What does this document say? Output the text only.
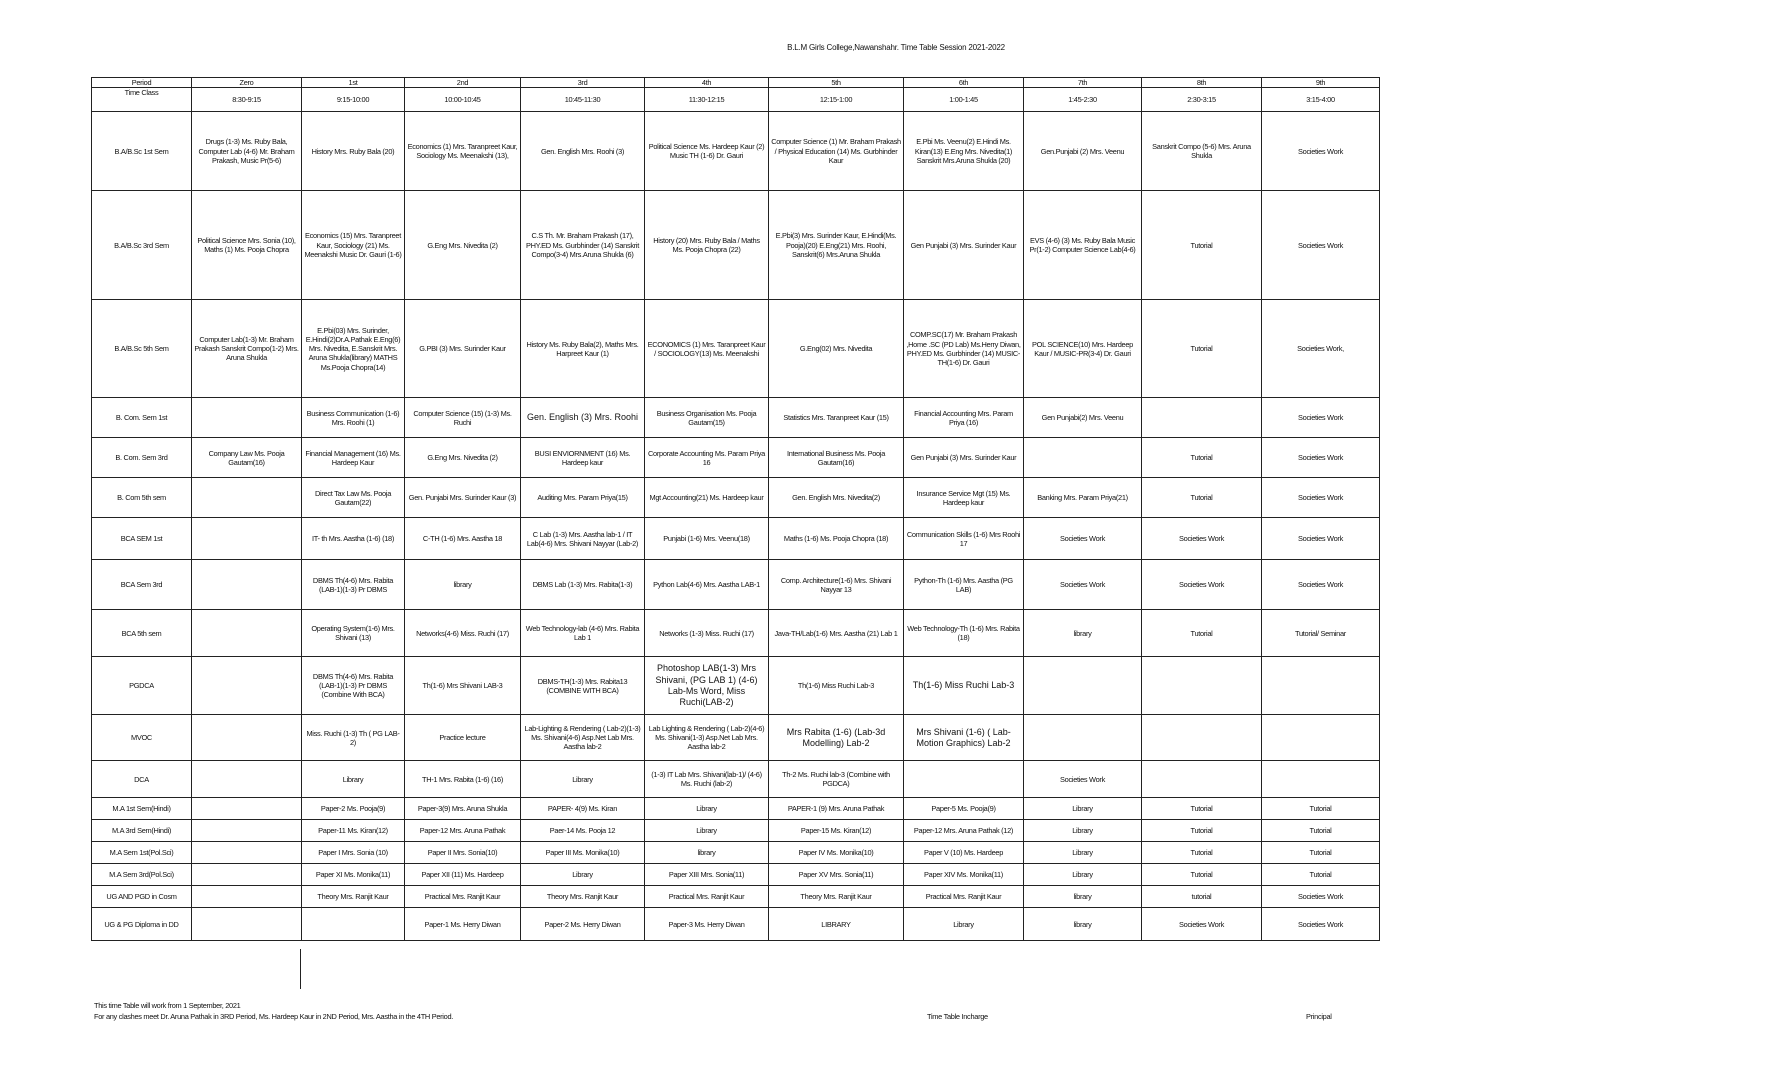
B.L.M Girls College,Nawanshahr. Time Table Session 2021-2022
Period	Zero	1st	2nd	3rd	4th	5th	6th	7th	8th	9th
Time Class	8:30-9:15	9:15-10:00	10:00-10:45	10:45-11:30	11:30-12:15	12:15-1:00	1:00-1:45	1:45-2:30	2:30-3:15	3:15-4:00
B.A/B.Sc 1st Sem	Drugs (1-3) Ms. Ruby Bala, Computer Lab (4-6) Mr. Braham Prakash, Music Pr(5-6)	History Mrs. Ruby Bala (20)	Economics (1) Mrs. Taranpreet Kaur, Sociology Ms. Meenakshi (13),	Gen. English Mrs. Roohi (3)	Political Science Ms. Hardeep Kaur (2) Music TH (1-6) Dr. Gauri	Computer Science (1) Mr. Braham Prakash / Physical Education (14) Ms. Gurbhinder Kaur	E.Pbi Ms. Veenu(2) E.Hindi Ms. Kiran(13) E.Eng Mrs. Nivedita(1) Sanskrit Mrs.Aruna Shukla (20)	Gen.Punjabi (2) Mrs. Veenu	Sanskrit Compo (5-6) Mrs. Aruna Shukla	Societies Work
B.A/B.Sc 3rd Sem	Political Science Mrs. Sonia (10), Maths (1) Ms. Pooja Chopra	Economics (15) Mrs. Taranpreet Kaur, Sociology (21) Ms. Meenakshi Music Dr. Gauri (1-6)	G.Eng Mrs. Nivedita (2)	C.S Th. Mr. Braham Prakash (17), PHY.ED Ms. Gurbhinder (14) Sanskrit Compo(3-4) Mrs.Aruna Shukla (6)	History (20) Mrs. Ruby Bala / Maths Ms. Pooja Chopra (22)	E.Pbi(3) Mrs. Surinder Kaur, E.Hindi(Ms. Pooja)(20) E.Eng(21) Mrs. Roohi, Sanskrit(6) Mrs.Aruna Shukla	Gen Punjabi (3) Mrs. Surinder Kaur	EVS (4-6) (3) Ms. Ruby Bala Music Pr(1-2) Computer Science Lab(4-6)	Tutorial	Societies Work
B.A/B.Sc 5th Sem	Computer Lab(1-3) Mr. Braham Prakash Sanskrit Compo(1-2) Mrs. Aruna Shukla	E.Pbi(03) Mrs. Surinder, E.Hindi(2)Dr.A.Pathak E.Eng(6) Mrs. Nivedita, E.Sanskrit Mrs. Aruna Shukla(library) MATHS Ms.Pooja Chopra(14)	G.PBI (3) Mrs. Surinder Kaur	History Ms. Ruby Bala(2), Maths Mrs. Harpreet Kaur (1)	ECONOMICS (1) Mrs. Taranpreet Kaur / SOCIOLOGY(13) Ms. Meenakshi	G.Eng(02) Mrs. Nivedita	COMP.SC(17) Mr. Braham Prakash ,Home .SC (PD Lab) Ms.Herry Diwan, PHY.ED Ms. Gurbhinder (14) MUSIC-TH(1-6) Dr. Gauri	POL SCIENCE(10) Mrs. Hardeep Kaur / MUSIC-PR(3-4) Dr. Gauri	Tutorial	Societies Work,
B. Com. Sem 1st		Business Communication (1-6) Mrs. Roohi (1)	Computer Science (15) (1-3) Ms. Ruchi	Gen. English (3) Mrs. Roohi	Business Organisation Ms. Pooja Gautam(15)	Statistics Mrs. Taranpreet Kaur (15)	Financial Accounting Mrs. Param Priya (16)	Gen Punjabi(2) Mrs. Veenu		Societies Work
B. Com. Sem 3rd	Company Law Ms. Pooja Gautam(16)	Financial Management (16) Ms. Hardeep Kaur	G.Eng Mrs. Nivedita (2)	BUSI ENVIORNMENT (16) Ms. Hardeep kaur	Corporate Accounting Ms. Param Priya 16	International Business Ms. Pooja Gautam(16)	Gen Punjabi (3) Mrs. Surinder Kaur		Tutorial	Societies Work
B. Com 5th sem		Direct Tax Law Ms. Pooja Gautam(22)	Gen. Punjabi Mrs. Surinder Kaur (3)	Auditing Mrs. Param Priya(15)	Mgt Accounting(21) Ms. Hardeep kaur	Gen. English Mrs. Nivedita(2)	Insurance Service Mgt (15) Ms. Hardeep kaur	Banking Mrs. Param Priya(21)	Tutorial	Societies Work
BCA SEM 1st		IT- th Mrs. Aastha (1-6) (18)	C-TH (1-6) Mrs. Aastha 18	C Lab (1-3) Mrs. Aastha lab-1 / IT Lab(4-6) Mrs. Shivani Nayyar (Lab-2)	Punjabi (1-6) Mrs. Veenu(18)	Maths (1-6) Ms. Pooja Chopra (18)	Communication Skills (1-6) Mrs Roohi 17	Societies Work	Societies Work	Societies Work
BCA Sem 3rd		DBMS Th(4-6) Mrs. Rabita (LAB-1)(1-3) Pr DBMS	library	DBMS Lab (1-3) Mrs. Rabita(1-3)	Python Lab(4-6) Mrs. Aastha LAB-1	Comp. Architecture(1-6) Mrs. Shivani Nayyar 13	Python-Th (1-6) Mrs. Aastha (PG LAB)	Societies Work	Societies Work	Societies Work
BCA 5th sem		Operating System(1-6) Mrs. Shivani (13)	Networks(4-6) Miss. Ruchi (17)	Web Technology-lab (4-6) Mrs. Rabita Lab 1	Networks (1-3) Miss. Ruchi (17)	Java-TH/Lab(1-6) Mrs. Aastha (21) Lab 1	Web Technology-Th (1-6) Mrs. Rabita (18)	library	Tutorial	Tutorial/ Seminar
PGDCA		DBMS Th(4-6) Mrs. Rabita (LAB-1)(1-3) Pr DBMS (Combine With BCA)	Th(1-6) Mrs Shivani LAB-3	DBMS-TH(1-3) Mrs. Rabita13 (COMBINE WITH BCA)	Photoshop LAB(1-3) Mrs Shivani, (PG LAB 1) (4-6) Lab-Ms Word, Miss Ruchi(LAB-2)	Th(1-6) Miss Ruchi Lab-3	Th(1-6) Miss Ruchi Lab-3			
MVOC		Miss. Ruchi (1-3) Th ( PG LAB-2)	Practice lecture	Lab-Lighting & Rendering ( Lab-2)(1-3) Ms. Shivani(4-6) Asp.Net Lab Mrs. Aastha lab-2	Lab Lighting & Rendering ( Lab-2)(4-6) Ms. Shivani(1-3) Asp.Net Lab Mrs. Aastha lab-2	Mrs Rabita (1-6) (Lab-3d Modelling) Lab-2	Mrs Shivani (1-6) ( Lab-Motion Graphics) Lab-2			
DCA		Library	TH-1 Mrs. Rabita (1-6) (16)	Library	(1-3) IT Lab Mrs. Shivani(lab-1)/ (4-6) Ms. Ruchi (lab-2)	Th-2 Ms. Ruchi lab-3 (Combine with PGDCA)		Societies Work		
M.A 1st Sem(Hindi)		Paper-2 Ms. Pooja(9)	Paper-3(9) Mrs. Aruna Shukla	PAPER- 4(9) Ms. Kiran	Library	PAPER-1 (9) Mrs. Aruna Pathak	Paper-5 Ms. Pooja(9)	Library	Tutorial	Tutorial
M.A 3rd Sem(Hindi)		Paper-11 Ms. Kiran(12)	Paper-12 Mrs. Aruna Pathak	Paer-14 Ms. Pooja 12	Library	Paper-15 Ms. Kiran(12)	Paper-12 Mrs. Aruna Pathak (12)	Library	Tutorial	Tutorial
M.A Sem 1st(Pol.Sci)		Paper I Mrs. Sonia (10)	Paper II Mrs. Sonia(10)	Paper III Ms. Monika(10)	library	Paper IV Ms. Monika(10)	Paper V (10) Ms. Hardeep	Library	Tutorial	Tutorial
M.A Sem 3rd(Pol.Sci)		Paper XI Ms. Monika(11)	Paper XII (11) Ms. Hardeep	Library	Paper XIII Mrs. Sonia(11)	Paper XV Mrs. Sonia(11)	Paper XIV Ms. Monika(11)	Library	Tutorial	Tutorial
UG AND PGD in Cosm		Theory Mrs. Ranjit Kaur	Practical Mrs. Ranjit Kaur	Theory Mrs. Ranjit Kaur	Practical Mrs. Ranjit Kaur	Theory Mrs. Ranjit Kaur	Practical Mrs. Ranjit Kaur	library	tutorial	Societies Work
UG & PG Diploma in DD			Paper-1 Ms. Herry Diwan	Paper-2 Ms. Herry Diwan	Paper-3 Ms. Herry Diwan	LIBRARY	Library	library	Societies Work	Societies Work
This time Table will work from 1 September, 2021
For any clashes meet Dr. Aruna Pathak in 3RD Period, Ms. Hardeep Kaur in 2ND Period, Mrs. Aastha in the 4TH Period.	Time Table Incharge	Principal
